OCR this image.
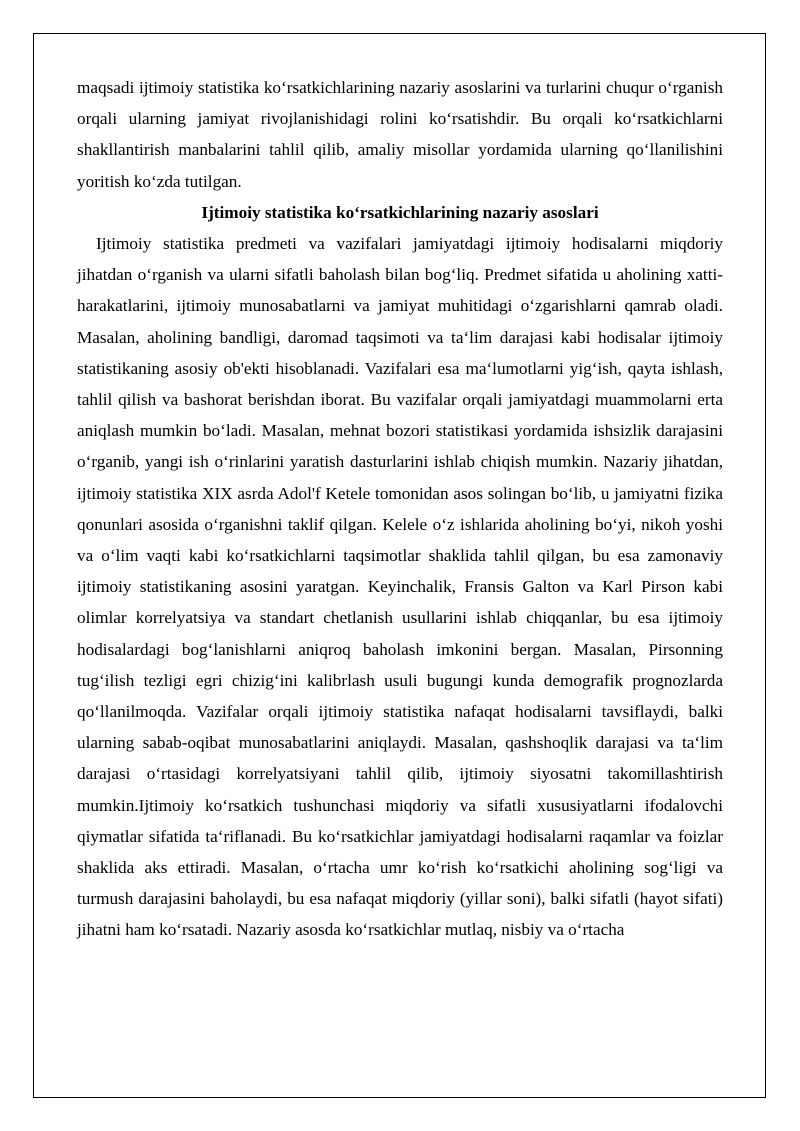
maqsadi ijtimoiy statistika koʻrsatkichlarining nazariy asoslarini va turlarini chuqur oʻrganish orqali ularning jamiyat rivojlanishidagi rolini koʻrsatishdir. Bu orqali koʻrsatkichlarni shakllantirish manbalarini tahlil qilib, amaliy misollar yordamida ularning qoʻllanilishini yoritish koʻzda tutilgan.

Ijtimoiy statistika koʻrsatkichlarining nazariy asoslari

Ijtimoiy statistika predmeti va vazifalari jamiyatdagi ijtimoiy hodisalarni miqdoriy jihatdan oʻrganish va ularni sifatli baholash bilan bogʻliq. Predmet sifatida u aholining xatti-harakatlarini, ijtimoiy munosabatlarni va jamiyat muhitidagi oʻzgarishlarni qamrab oladi. Masalan, aholining bandligi, daromad taqsimoti va taʻlim darajasi kabi hodisalar ijtimoiy statistikaning asosiy ob'ekti hisoblanadi. Vazifalari esa maʻlumotlarni yigʻish, qayta ishlash, tahlil qilish va bashorat berishdan iborat. Bu vazifalar orqali jamiyatdagi muammolarni erta aniqlash mumkin boʻladi. Masalan, mehnat bozori statistikasi yordamida ishsizlik darajasini oʻrganib, yangi ish oʻrinlarini yaratish dasturlarini ishlab chiqish mumkin. Nazariy jihatdan, ijtimoiy statistika XIX asrda Adol'f Ketele tomonidan asos solingan boʻlib, u jamiyatni fizika qonunlari asosida oʻrganishni taklif qilgan. Kelele oʻz ishlarida aholining boʻyi, nikoh yoshi va oʻlim vaqti kabi koʻrsatkichlarni taqsimotlar shaklida tahlil qilgan, bu esa zamonaviy ijtimoiy statistikaning asosini yaratgan. Keyinchalik, Fransis Galton va Karl Pirson kabi olimlar korrelyatsiya va standart chetlanish usullarini ishlab chiqqanlar, bu esa ijtimoiy hodisalardagi bogʻlanishlarni aniqroq baholash imkonini bergan. Masalan, Pirsonning tugʻilish tezligi egri chizigʻini kalibrlash usuli bugungi kunda demografik prognozlarda qoʻllanilmoqda. Vazifalar orqali ijtimoiy statistika nafaqat hodisalarni tavsiflaydi, balki ularning sabab-oqibat munosabatlarini aniqlaydi. Masalan, qashshoqlik darajasi va taʻlim darajasi oʻrtasidagi korrelyatsiyani tahlil qilib, ijtimoiy siyosatni takomillashtirish mumkin.Ijtimoiy koʻrsatkich tushunchasi miqdoriy va sifatli xususiyatlarni ifodalovchi qiymatlar sifatida taʻriflanadi. Bu koʻrsatkichlar jamiyatdagi hodisalarni raqamlar va foizlar shaklida aks ettiradi. Masalan, oʻrtacha umr koʻrish koʻrsatkichi aholining sogʻligi va turmush darajasini baholaydi, bu esa nafaqat miqdoriy (yillar soni), balki sifatli (hayot sifati) jihatni ham koʻrsatadi. Nazariy asosda koʻrsatkichlar mutlaq, nisbiy va oʻrtacha
